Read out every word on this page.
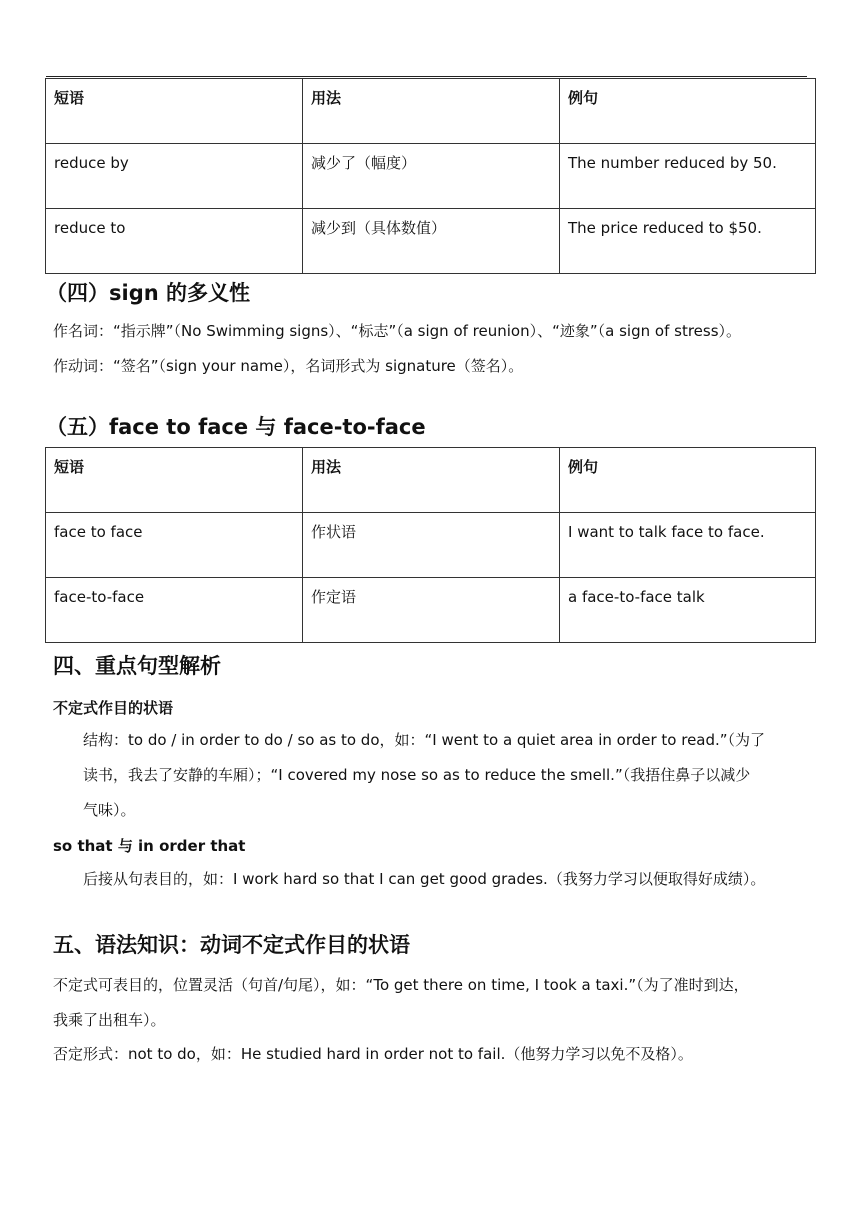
短语	用法	例句
reduce by	减少了（幅度）	The number reduced by 50.
reduce to	减少到（具体数值）	The price reduced to $50.
（四）sign 的多义性
作名词：“指示牌”（No Swimming signs）、“标志”（a sign of reunion）、“迹象”（a sign of stress）。
作动词：“签名”（sign your name），名词形式为 signature（签名）。
（五）face to face 与 face-to-face
短语	用法	例句
face to face	作状语	I want to talk face to face.
face-to-face	作定语	a face-to-face talk
四、重点句型解析
不定式作目的状语
结构：to do / in order to do / so as to do，如：“I went to a quiet area in order to read.”（为了
读书，我去了安静的车厢）；“I covered my nose so as to reduce the smell.”（我捂住鼻子以减少
气味）。
so that 与 in order that
后接从句表目的，如：I work hard so that I can get good grades.（我努力学习以便取得好成绩）。
五、语法知识：动词不定式作目的状语
不定式可表目的，位置灵活（句首/句尾），如：“To get there on time, I took a taxi.”（为了准时到达，
我乘了出租车）。
否定形式：not to do，如：He studied hard in order not to fail.（他努力学习以免不及格）。
